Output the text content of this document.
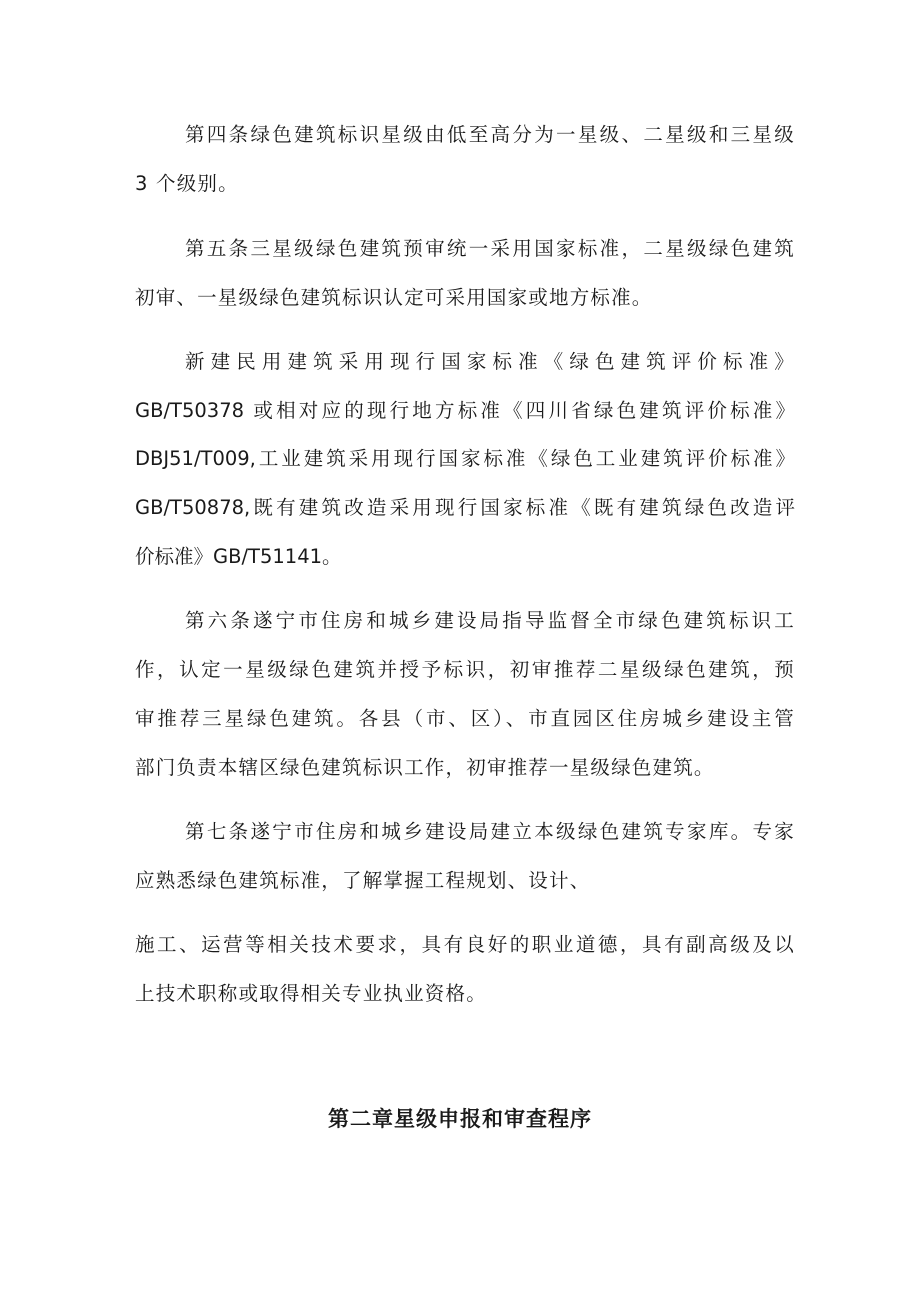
第四条绿色建筑标识星级由低至高分为一星级、二星级和三星级
3 个级别。
第五条三星级绿色建筑预审统一采用国家标准，二星级绿色建筑
初审、一星级绿色建筑标识认定可采用国家或地方标准。
新建民用建筑采用现行国家标准《绿色建筑评价标准》
GB/T50378 或相对应的现行地方标准《四川省绿色建筑评价标准》
DBJ51/T009,工业建筑采用现行国家标准《绿色工业建筑评价标准》
GB/T50878,既有建筑改造采用现行国家标准《既有建筑绿色改造评
价标准》GB/T51141。
第六条遂宁市住房和城乡建设局指导监督全市绿色建筑标识工
作，认定一星级绿色建筑并授予标识，初审推荐二星级绿色建筑，预
审推荐三星绿色建筑。各县（市、区）、市直园区住房城乡建设主管
部门负责本辖区绿色建筑标识工作，初审推荐一星级绿色建筑。
第七条遂宁市住房和城乡建设局建立本级绿色建筑专家库。专家
应熟悉绿色建筑标准，了解掌握工程规划、设计、
施工、运营等相关技术要求，具有良好的职业道德，具有副高级及以
上技术职称或取得相关专业执业资格。
第二章星级申报和审查程序
